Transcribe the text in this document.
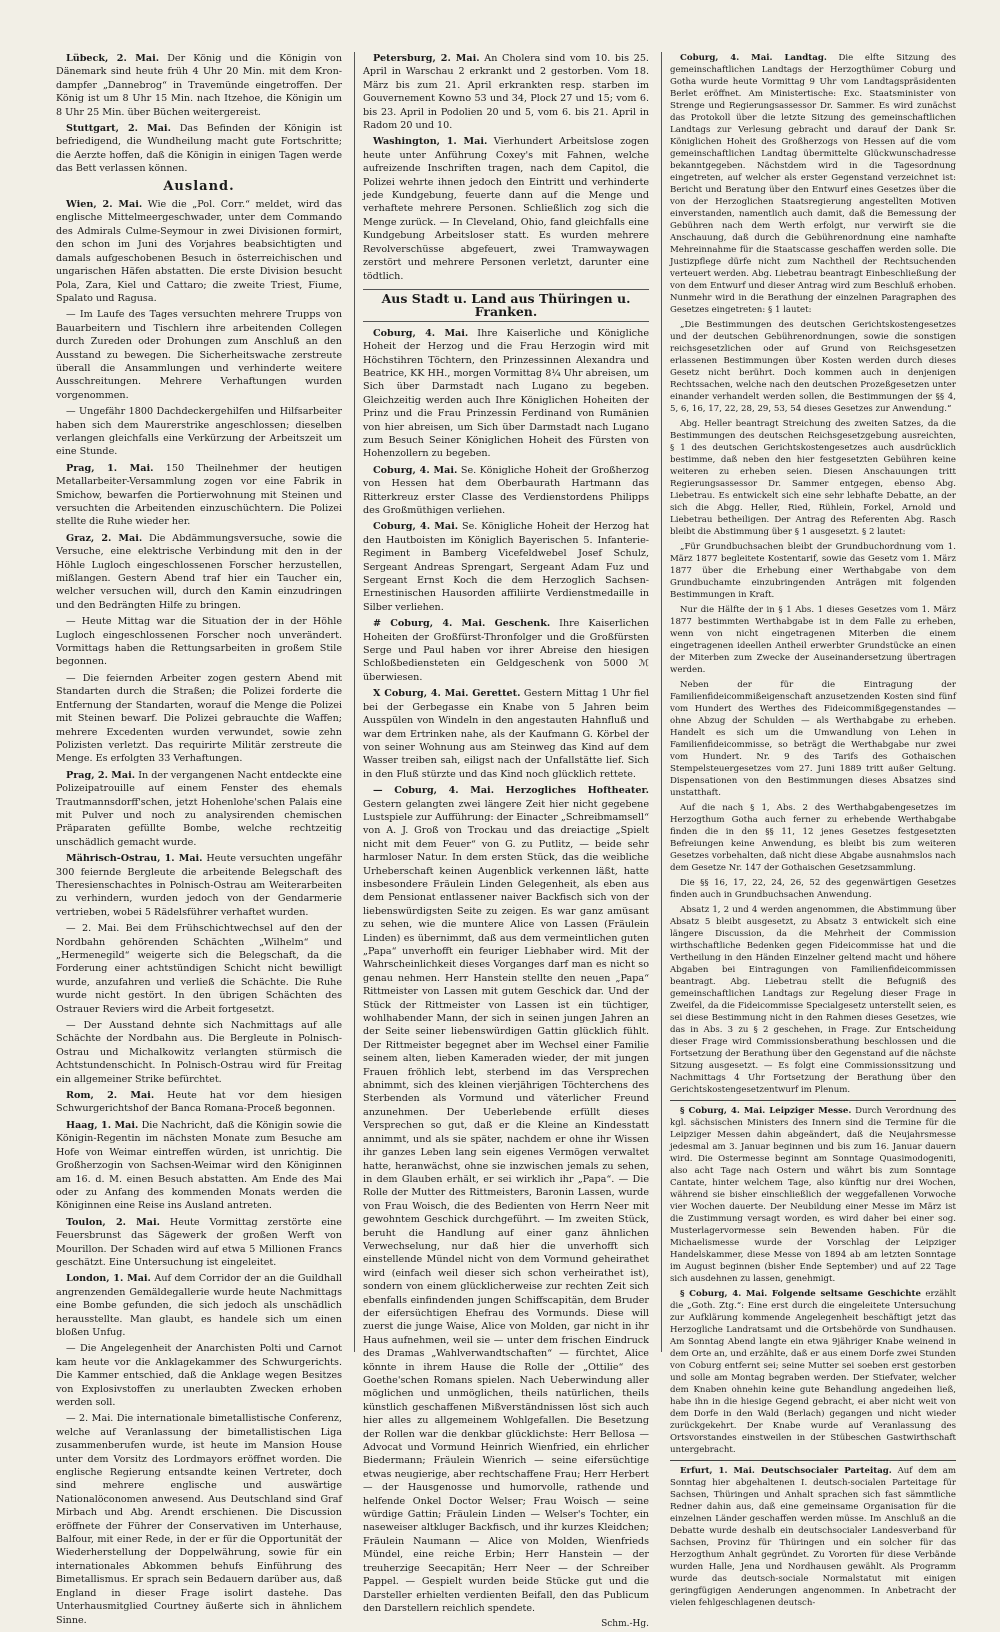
Lübeck, 2. Mai. Der König und die Königin von Dänemark sind heute früh 4 Uhr 20 Min. mit dem Kron-dampfer „Dannebrog“ in Travemünde eingetroffen. Der König ist um 8 Uhr 15 Min. nach Itzehoe, die Königin um 8 Uhr 25 Min. über Büchen weitergereist.

Stuttgart, 2. Mai. Das Befinden der Königin ist befriedigend, die Wundheilung macht gute Fortschritte; die Aerzte hoffen, daß die Königin in einigen Tagen werde das Bett verlassen können.

Ausland.

Wien, 2. Mai. Wie die „Pol. Corr.“ meldet, wird das englische Mittelmeergeschwader, unter dem Commando des Admirals Culme-Seymour in zwei Divisionen formirt, den schon im Juni des Vorjahres beabsichtigten und damals aufgeschobenen Besuch in österreichischen und ungarischen Häfen abstatten. Die erste Division besucht Pola, Zara, Kiel und Cattaro; die zweite Triest, Fiume, Spalato und Ragusa.

— Im Laufe des Tages versuchten mehrere Trupps von Bauarbeitern und Tischlern ihre arbeitenden Collegen durch Zureden oder Drohungen zum Anschluß an den Ausstand zu bewegen. Die Sicherheitswache zerstreute überall die Ansammlungen und verhinderte weitere Ausschreitungen. Mehrere Verhaftungen wurden vorgenommen.

— Ungefähr 1800 Dachdeckergehilfen und Hilfsarbeiter haben sich dem Maurerstrike angeschlossen; dieselben verlangen gleichfalls eine Verkürzung der Arbeitszeit um eine Stunde.

Prag, 1. Mai. 150 Theilnehmer der heutigen Metallarbeiter-Versammlung zogen vor eine Fabrik in Smichow, bewarfen die Portierwohnung mit Steinen und versuchten die Arbeitenden einzuschüchtern. Die Polizei stellte die Ruhe wieder her.

Graz, 2. Mai. Die Abdämmungsversuche, sowie die Versuche, eine elektrische Verbindung mit den in der Höhle Lugloch eingeschlossenen Forscher herzustellen, mißlangen. Gestern Abend traf hier ein Taucher ein, welcher versuchen will, durch den Kamin einzudringen und den Bedrängten Hilfe zu bringen.

— Heute Mittag war die Situation der in der Höhle Lugloch eingeschlossenen Forscher noch unverändert. Vormittags haben die Rettungsarbeiten in großem Stile begonnen.

— Die feiernden Arbeiter zogen gestern Abend mit Standarten durch die Straßen; die Polizei forderte die Entfernung der Standarten, worauf die Menge die Polizei mit Steinen bewarf. Die Polizei gebrauchte die Waffen; mehrere Excedenten wurden verwundet, sowie zehn Polizisten verletzt. Das requirirte Militär zerstreute die Menge. Es erfolgten 33 Verhaftungen.

Prag, 2. Mai. In der vergangenen Nacht entdeckte eine Polizeipatrouille auf einem Fenster des ehemals Trautmannsdorff'schen, jetzt Hohenlohe'schen Palais eine mit Pulver und noch zu analysirenden chemischen Präparaten gefüllte Bombe, welche rechtzeitig unschädlich gemacht wurde.

Mährisch-Ostrau, 1. Mai. Heute versuchten ungefähr 300 feiernde Bergleute die arbeitende Belegschaft des Theresienschachtes in Polnisch-Ostrau am Weiterarbeiten zu verhindern, wurden jedoch von der Gendarmerie vertrieben, wobei 5 Rädelsführer verhaftet wurden.

— 2. Mai. Bei dem Frühschichtwechsel auf den der Nordbahn gehörenden Schächten „Wilhelm“ und „Hermenegild“ weigerte sich die Belegschaft, da die Forderung einer achtstündigen Schicht nicht bewilligt wurde, anzufahren und verließ die Schächte. Die Ruhe wurde nicht gestört. In den übrigen Schächten des Ostrauer Reviers wird die Arbeit fortgesetzt.

— Der Ausstand dehnte sich Nachmittags auf alle Schächte der Nordbahn aus. Die Bergleute in Polnisch-Ostrau und Michalkowitz verlangten stürmisch die Achtstundenschicht. In Polnisch-Ostrau wird für Freitag ein allgemeiner Strike befürchtet.

Rom, 2. Mai. Heute hat vor dem hiesigen Schwurgerichtshof der Banca Romana-Proceß begonnen.

Haag, 1. Mai. Die Nachricht, daß die Königin sowie die Königin-Regentin im nächsten Monate zum Besuche am Hofe von Weimar eintreffen würden, ist unrichtig. Die Großherzogin von Sachsen-Weimar wird den Königinnen am 16. d. M. einen Besuch abstatten. Am Ende des Mai oder zu Anfang des kommenden Monats werden die Königinnen eine Reise ins Ausland antreten.

Toulon, 2. Mai. Heute Vormittag zerstörte eine Feuersbrunst das Sägewerk der großen Werft von Mourillon. Der Schaden wird auf etwa 5 Millionen Francs geschätzt. Eine Untersuchung ist eingeleitet.

London, 1. Mai. Auf dem Corridor der an die Guildhall angrenzenden Gemäldegallerie wurde heute Nachmittags eine Bombe gefunden, die sich jedoch als unschädlich herausstellte. Man glaubt, es handele sich um einen bloßen Unfug.

— Die Angelegenheit der Anarchisten Polti und Carnot kam heute vor die Anklagekammer des Schwurgerichts. Die Kammer entschied, daß die Anklage wegen Besitzes von Explosivstoffen zu unerlaubten Zwecken erhoben werden soll.

— 2. Mai. Die internationale bimetallistische Conferenz, welche auf Veranlassung der bimetallistischen Liga zusammenberufen wurde, ist heute im Mansion House unter dem Vorsitz des Lordmayors eröffnet worden. Die englische Regierung entsandte keinen Vertreter, doch sind mehrere englische und auswärtige Nationalöconomen anwesend. Aus Deutschland sind Graf Mirbach und Abg. Arendt erschienen. Die Discussion eröffnete der Führer der Conservativen im Unterhause, Balfour, mit einer Rede, in der er für die Opportunität der Wiederherstellung der Doppelwährung, sowie für ein internationales Abkommen behufs Einführung des Bimetallismus. Er sprach sein Bedauern darüber aus, daß England in dieser Frage isolirt dastehe. Das Unterhausmitglied Courtney äußerte sich in ähnlichem Sinne.

Petersburg, 2. Mai. An Cholera sind vom 10. bis 25. April in Warschau 2 erkrankt und 2 gestorben. Vom 18. März bis zum 21. April erkrankten resp. starben im Gouvernement Kowno 53 und 34, Plock 27 und 15; vom 6. bis 23. April in Podolien 20 und 5, vom 6. bis 21. April in Radom 20 und 10.

Washington, 1. Mai. Vierhundert Arbeitslose zogen heute unter Anführung Coxey's mit Fahnen, welche aufreizende Inschriften tragen, nach dem Capitol, die Polizei wehrte ihnen jedoch den Eintritt und verhinderte jede Kundgebung, feuerte dann auf die Menge und verhaftete mehrere Personen. Schließlich zog sich die Menge zurück. — In Cleveland, Ohio, fand gleichfalls eine Kundgebung Arbeitsloser statt. Es wurden mehrere Revolverschüsse abgefeuert, zwei Tramwaywagen zerstört und mehrere Personen verletzt, darunter eine tödtlich.

Aus Stadt u. Land aus Thüringen u. Franken.

Coburg, 4. Mai. Ihre Kaiserliche und Königliche Hoheit der Herzog und die Frau Herzogin wird mit Höchstihren Töchtern, den Prinzessinnen Alexandra und Beatrice, KK HH., morgen Vormittag 8¼ Uhr abreisen, um Sich über Darmstadt nach Lugano zu begeben. Gleichzeitig werden auch Ihre Königlichen Hoheiten der Prinz und die Frau Prinzessin Ferdinand von Rumänien von hier abreisen, um Sich über Darmstadt nach Lugano zum Besuch Seiner Königlichen Hoheit des Fürsten von Hohenzollern zu begeben.

Coburg, 4. Mai. Se. Königliche Hoheit der Großherzog von Hessen hat dem Oberbaurath Hartmann das Ritterkreuz erster Classe des Verdienstordens Philipps des Großmüthigen verliehen.

Coburg, 4. Mai. Se. Königliche Hoheit der Herzog hat den Hautboisten im Königlich Bayerischen 5. Infanterie-Regiment in Bamberg Vicefeldwebel Josef Schulz, Sergeant Andreas Sprengart, Sergeant Adam Fuz und Sergeant Ernst Koch die dem Herzoglich Sachsen-Ernestinischen Hausorden affiliirte Verdienstmedaille in Silber verliehen.

# Coburg, 4. Mai. Geschenk. Ihre Kaiserlichen Hoheiten der Großfürst-Thronfolger und die Großfürsten Serge und Paul haben vor ihrer Abreise den hiesigen Schloßbediensteten ein Geldgeschenk von 5000 ℳ überwiesen.

X Coburg, 4. Mai. Gerettet. Gestern Mittag 1 Uhr fiel bei der Gerbegasse ein Knabe von 5 Jahren beim Ausspülen von Windeln in den angestauten Hahnfluß und war dem Ertrinken nahe, als der Kaufmann G. Körbel der von seiner Wohnung aus am Steinweg das Kind auf dem Wasser treiben sah, eiligst nach der Unfallstätte lief. Sich in den Fluß stürzte und das Kind noch glücklich rettete.

— Coburg, 4. Mai. Herzogliches Hoftheater. Gestern gelangten zwei längere Zeit hier nicht gegebene Lustspiele zur Aufführung: der Einacter „Schreibmamsell“ von A. J. Groß von Trockau und das dreiactige „Spielt nicht mit dem Feuer“ von G. zu Putlitz, — beide sehr harmloser Natur. In dem ersten Stück, das die weibliche Urheberschaft keinen Augenblick verkennen läßt, hatte insbesondere Fräulein Linden Gelegenheit, als eben aus dem Pensionat entlassener naiver Backfisch sich von der liebenswürdigsten Seite zu zeigen. Es war ganz amüsant zu sehen, wie die muntere Alice von Lassen (Fräulein Linden) es übernimmt, daß aus dem vermeintlichen guten „Papa“ unverhofft ein feuriger Liebhaber wird. Mit der Wahrscheinlichkeit dieses Vorganges darf man es nicht so genau nehmen. Herr Hanstein stellte den neuen „Papa“ Rittmeister von Lassen mit gutem Geschick dar. Und der Stück der Rittmeister von Lassen ist ein tüchtiger, wohlhabender Mann, der sich in seinen jungen Jahren an der Seite seiner liebenswürdigen Gattin glücklich fühlt. Der Rittmeister begegnet aber im Wechsel einer Familie seinem alten, lieben Kameraden wieder, der mit jungen Frauen fröhlich lebt, sterbend im das Versprechen abnimmt, sich des kleinen vierjährigen Töchterchens des Sterbenden als Vormund und väterlicher Freund anzunehmen. Der Ueberlebende erfüllt dieses Versprechen so gut, daß er die Kleine an Kindesstatt annimmt, und als sie später, nachdem er ohne ihr Wissen ihr ganzes Leben lang sein eigenes Vermögen verwaltet hatte, heranwächst, ohne sie inzwischen jemals zu sehen, in dem Glauben erhält, er sei wirklich ihr „Papa“. — Die Rolle der Mutter des Rittmeisters, Baronin Lassen, wurde von Frau Woisch, die des Bedienten von Herrn Neer mit gewohntem Geschick durchgeführt. — Im zweiten Stück, beruht die Handlung auf einer ganz ähnlichen Verwechselung, nur daß hier die unverhofft sich einstellende Mündel nicht von dem Vormund geheirathet wird (einfach weil dieser sich schon verheirathet ist), sondern von einem glücklicherweise zur rechten Zeit sich ebenfalls einfindenden jungen Schiffscapitän, dem Bruder der eifersüchtigen Ehefrau des Vormunds. Diese will zuerst die junge Waise, Alice von Molden, gar nicht in ihr Haus aufnehmen, weil sie — unter dem frischen Eindruck des Dramas „Wahlverwandtschaften“ — fürchtet, Alice könnte in ihrem Hause die Rolle der „Ottilie“ des Goethe'schen Romans spielen. Nach Ueberwindung aller möglichen und unmöglichen, theils natürlichen, theils künstlich geschaffenen Mißverständnissen löst sich auch hier alles zu allgemeinem Wohlgefallen. Die Besetzung der Rollen war die denkbar glücklichste: Herr Bellosa — Advocat und Vormund Heinrich Wienfried, ein ehrlicher Biedermann; Fräulein Wienrich — seine eifersüchtige etwas neugierige, aber rechtschaffene Frau; Herr Herbert — der Hausgenosse und humorvolle, rathende und helfende Onkel Doctor Welser; Frau Woisch — seine würdige Gattin; Fräulein Linden — Welser's Tochter, ein naseweiser altkluger Backfisch, und ihr kurzes Kleidchen; Fräulein Naumann — Alice von Molden, Wienfrieds Mündel, eine reiche Erbin; Herr Hanstein — der treuherzige Seecapitän; Herr Neer — der Schreiber Pappel. — Gespielt wurden beide Stücke gut und die Darsteller erhielten verdienten Beifall, den das Publicum den Darstellern reichlich spendete.

Schm.-Hg.

Coburg, 4. Mai. Landtag. Die elfte Sitzung des gemeinschaftlichen Landtags der Herzogthümer Coburg und Gotha wurde heute Vormittag 9 Uhr vom Landtagspräsidenten Berlet eröffnet. Am Ministertische: Exc. Staatsminister von Strenge und Regierungsassessor Dr. Sammer. Es wird zunächst das Protokoll über die letzte Sitzung des gemeinschaftlichen Landtags zur Verlesung gebracht und darauf der Dank Sr. Königlichen Hoheit des Großherzogs von Hessen auf die vom gemeinschaftlichen Landtag übermittelte Glückwunschadresse bekanntgegeben. Nächstdem wird in die Tagesordnung eingetreten, auf welcher als erster Gegenstand verzeichnet ist: Bericht und Beratung über den Entwurf eines Gesetzes über die von der Herzoglichen Staatsregierung angestellten Motiven einverstanden, namentlich auch damit, daß die Bemessung der Gebühren nach dem Werth erfolgt, nur verwirft sie die Anschauung, daß durch die Gebührenordnung eine namhafte Mehreinnahme für die Staatscasse geschaffen werden solle. Die Justizpflege dürfe nicht zum Nachtheil der Rechtsuchenden verteuert werden. Abg. Liebetrau beantragt Einbeschließung der von dem Entwurf und dieser Antrag wird zum Beschluß erhoben. Nunmehr wird in die Berathung der einzelnen Paragraphen des Gesetzes eingetreten: § 1 lautet:

„Die Bestimmungen des deutschen Gerichtskostengesetzes und der deutschen Gebührenordnungen, sowie die sonstigen reichsgesetzlichen oder auf Grund von Reichsgesetzen erlassenen Bestimmungen über Kosten werden durch dieses Gesetz nicht berührt. Doch kommen auch in denjenigen Rechtssachen, welche nach den deutschen Prozeßgesetzen unter einander verhandelt werden sollen, die Bestimmungen der §§ 4, 5, 6, 16, 17, 22, 28, 29, 53, 54 dieses Gesetzes zur Anwendung.“

Abg. Heller beantragt Streichung des zweiten Satzes, da die Bestimmungen des deutschen Reichsgesetzgebung ausreichten, § 1 des deutschen Gerichtskostengesetzes auch ausdrücklich bestimme, daß neben den hier festgesetzten Gebühren keine weiteren zu erheben seien. Diesen Anschauungen tritt Regierungsassessor Dr. Sammer entgegen, ebenso Abg. Liebetrau. Es entwickelt sich eine sehr lebhafte Debatte, an der sich die Abgg. Heller, Ried, Rühlein, Forkel, Arnold und Liebetrau betheiligen. Der Antrag des Referenten Abg. Rasch bleibt die Abstimmung über § 1 ausgesetzt. § 2 lautet:

„Für Grundbuchsachen bleibt der Grundbuchordnung vom 1. März 1877 begleitete Kostentarif, sowie das Gesetz vom 1. März 1877 über die Erhebung einer Werthabgabe von dem Grundbuchamte einzubringenden Anträgen mit folgenden Bestimmungen in Kraft.

Nur die Hälfte der in § 1 Abs. 1 dieses Gesetzes vom 1. März 1877 bestimmten Werthabgabe ist in dem Falle zu erheben, wenn von nicht eingetragenen Miterben die einem eingetragenen ideellen Antheil erwerbter Grundstücke an einen der Miterben zum Zwecke der Auseinandersetzung übertragen werden.

Neben der für die Eintragung der Familienfideicommißeigenschaft anzusetzenden Kosten sind fünf vom Hundert des Werthes des Fideicommißgegenstandes — ohne Abzug der Schulden — als Werthabgabe zu erheben. Handelt es sich um die Umwandlung von Lehen in Familienfideicommisse, so beträgt die Werthabgabe nur zwei vom Hundert. Nr. 9 des Tarifs des Gothaischen Stempelsteuergesetzes vom 27. Juni 1889 tritt außer Geltung. Dispensationen von den Bestimmungen dieses Absatzes sind unstatthaft.

Auf die nach § 1, Abs. 2 des Werthabgabengesetzes im Herzogthum Gotha auch ferner zu erhebende Werthabgabe finden die in den §§ 11, 12 jenes Gesetzes festgesetzten Befreiungen keine Anwendung, es bleibt bis zum weiteren Gesetzes vorbehalten, daß nicht diese Abgabe ausnahmslos nach dem Gesetze Nr. 147 der Gothaischen Gesetzsammlung.

Die §§ 16, 17, 22, 24, 26, 52 des gegenwärtigen Gesetzes finden auch in Grundbuchsachen Anwendung.

Absatz 1, 2 und 4 werden angenommen, die Abstimmung über Absatz 5 bleibt ausgesetzt, zu Absatz 3 entwickelt sich eine längere Discussion, da die Mehrheit der Commission wirthschaftliche Bedenken gegen Fideicommisse hat und die Vertheilung in den Händen Einzelner geltend macht und höhere Abgaben bei Eintragungen von Familienfideicommissen beantragt. Abg. Liebetrau stellt die Befugniß des gemeinschaftlichen Landtags zur Regelung dieser Frage in Zweifel, da die Fideicommisse Specialgesetz unterstellt seien, es sei diese Bestimmung nicht in den Rahmen dieses Gesetzes, wie das in Abs. 3 zu § 2 geschehen, in Frage. Zur Entscheidung dieser Frage wird Commissionsberathung beschlossen und die Fortsetzung der Berathung über den Gegenstand auf die nächste Sitzung ausgesetzt. — Es folgt eine Commissionssitzung und Nachmittags 4 Uhr Fortsetzung der Berathung über den Gerichtskostengesetzentwurf im Plenum.

§ Coburg, 4. Mai. Leipziger Messe. Durch Verordnung des kgl. sächsischen Ministers des Innern sind die Termine für die Leipziger Messen dahin abgeändert, daß die Neujahrsmesse jedesmal am 3. Januar beginnen und bis zum 16. Januar dauern wird. Die Ostermesse beginnt am Sonntage Quasimodogeniti, also acht Tage nach Ostern und währt bis zum Sonntage Cantate, hinter welchem Tage, also künftig nur drei Wochen, während sie bisher einschließlich der weggefallenen Vorwoche vier Wochen dauerte. Der Neubildung einer Messe im März ist die Zustimmung versagt worden, es wird daher bei einer sog. Musterlagervormesse sein Bewenden haben. Für die Michaelismesse wurde der Vorschlag der Leipziger Handelskammer, diese Messe von 1894 ab am letzten Sonntage im August beginnen (bisher Ende September) und auf 22 Tage sich ausdehnen zu lassen, genehmigt.

§ Coburg, 4. Mai. Folgende seltsame Geschichte erzählt die „Goth. Ztg.“: Eine erst durch die eingeleitete Untersuchung zur Aufklärung kommende Angelegenheit beschäftigt jetzt das Herzogliche Landratsamt und die Ortsbehörde von Sundhausen. Am Sonntag Abend langte ein etwa 9jähriger Knabe weinend in dem Orte an, und erzählte, daß er aus einem Dorfe zwei Stunden von Coburg entfernt sei; seine Mutter sei soeben erst gestorben und solle am Montag begraben werden. Der Stiefvater, welcher dem Knaben ohnehin keine gute Behandlung angedeihen ließ, habe ihn in die hiesige Gegend gebracht, ei aber nicht weit von dem Dorfe in den Wald (Berlach) gegangen und nicht wieder zurückgekehrt. Der Knabe wurde auf Veranlassung des Ortsvorstandes einstweilen in der Stübeschen Gastwirthschaft untergebracht.

Erfurt, 1. Mai. Deutschsocialer Parteitag. Auf dem am Sonntag hier abgehaltenen I. deutsch-socialen Parteitage für Sachsen, Thüringen und Anhalt sprachen sich fast sämmtliche Redner dahin aus, daß eine gemeinsame Organisation für die einzelnen Länder geschaffen werden müsse. Im Anschluß an die Debatte wurde deshalb ein deutschsocialer Landesverband für Sachsen, Provinz für Thüringen und ein solcher für das Herzogthum Anhalt gegründet. Zu Vororten für diese Verbände wurden Halle, Jena und Nordhausen gewählt. Als Programm wurde das deutsch-sociale Normalstatut mit einigen geringfügigen Aenderungen angenommen. In Anbetracht der vielen fehlgeschlagenen deutsch-
